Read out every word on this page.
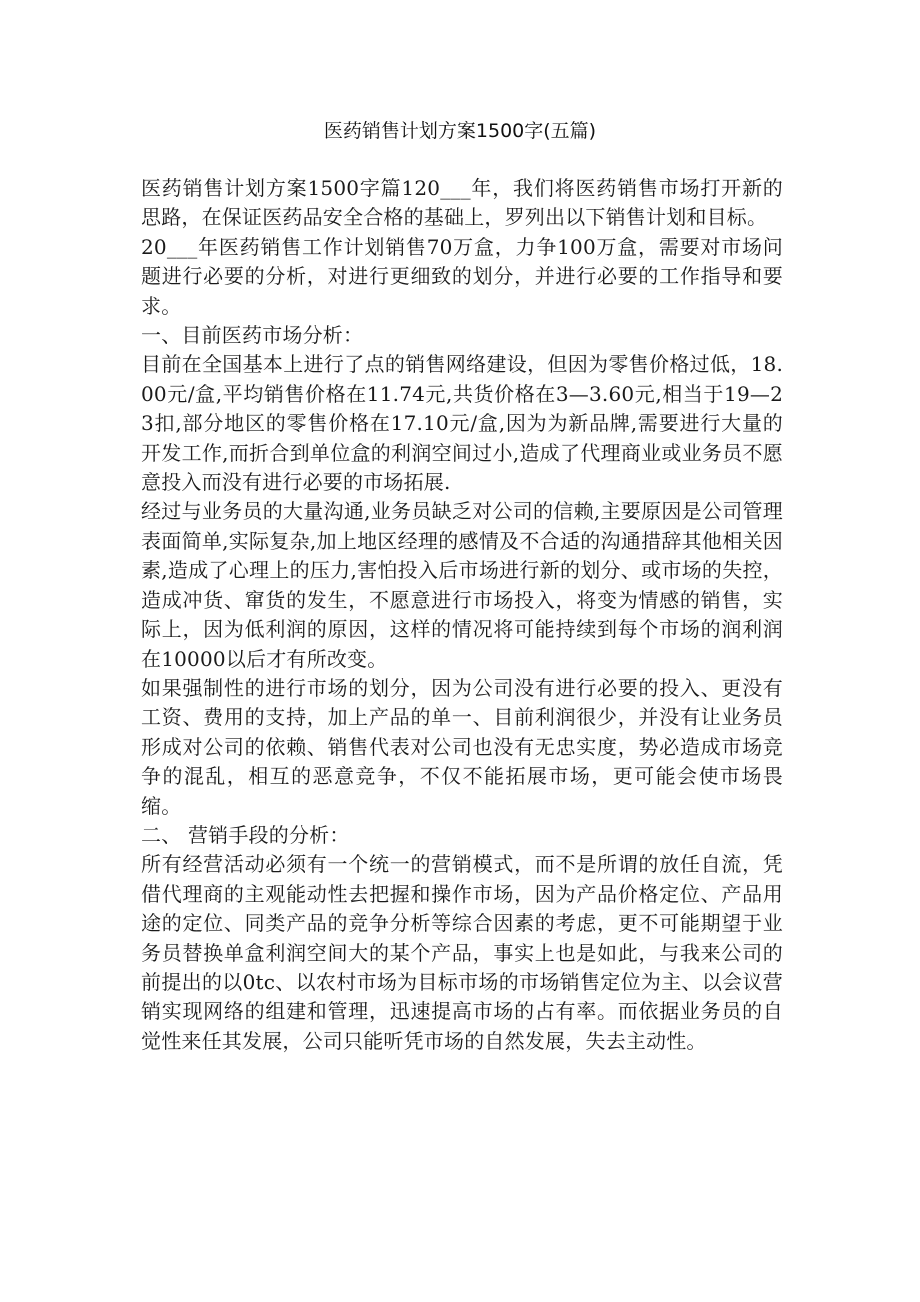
医药销售计划方案1500字(五篇)

医药销售计划方案1500字篇120___年，我们将医药销售市场打开新的思路，在保证医药品安全合格的基础上，罗列出以下销售计划和目标。

20___年医药销售工作计划销售70万盒，力争100万盒，需要对市场问题进行必要的分析，对进行更细致的划分，并进行必要的工作指导和要求。

一、目前医药市场分析：

目前在全国基本上进行了点的销售网络建设，但因为零售价格过低，18.00元/盒,平均销售价格在11.74元,共货价格在3—3.60元,相当于19—23扣,部分地区的零售价格在17.10元/盒,因为为新品牌,需要进行大量的开发工作,而折合到单位盒的利润空间过小,造成了代理商业或业务员不愿意投入而没有进行必要的市场拓展.

经过与业务员的大量沟通,业务员缺乏对公司的信赖,主要原因是公司管理表面简单,实际复杂,加上地区经理的感情及不合适的沟通措辞其他相关因素,造成了心理上的压力,害怕投入后市场进行新的划分、或市场的失控，造成冲货、窜货的发生，不愿意进行市场投入，将变为情感的销售，实际上，因为低利润的原因，这样的情况将可能持续到每个市场的润利润在10000以后才有所改变。

如果强制性的进行市场的划分，因为公司没有进行必要的投入、更没有工资、费用的支持，加上产品的单一、目前利润很少，并没有让业务员形成对公司的依赖、销售代表对公司也没有无忠实度，势必造成市场竞争的混乱，相互的恶意竞争，不仅不能拓展市场，更可能会使市场畏缩。

二、 营销手段的分析：

所有经营活动必须有一个统一的营销模式，而不是所谓的放任自流，凭借代理商的主观能动性去把握和操作市场，因为产品价格定位、产品用途的定位、同类产品的竞争分析等综合因素的考虑，更不可能期望于业务员替换单盒利润空间大的某个产品，事实上也是如此，与我来公司的前提出的以0tc、以农村市场为目标市场的市场销售定位为主、以会议营销实现网络的组建和管理，迅速提高市场的占有率。而依据业务员的自觉性来任其发展，公司只能听凭市场的自然发展，失去主动性。
